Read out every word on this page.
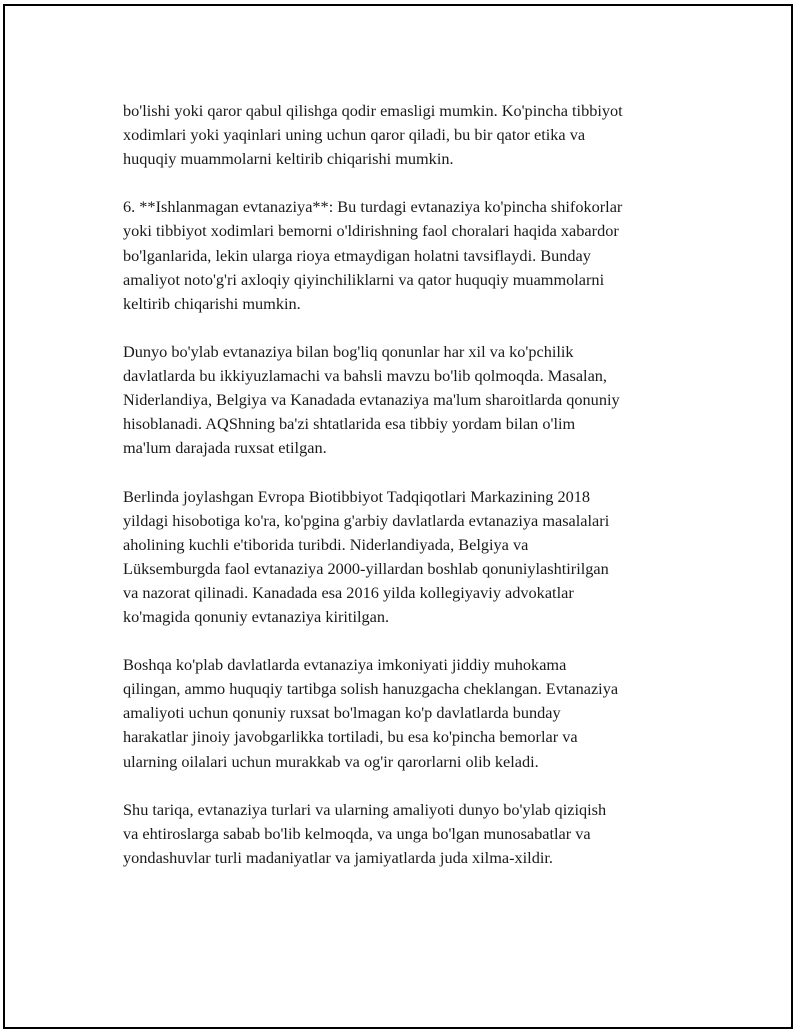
bo'lishi yoki qaror qabul qilishga qodir emasligi mumkin. Ko'pincha tibbiyot
xodimlari yoki yaqinlari uning uchun qaror qiladi, bu bir qator etika va
huquqiy muammolarni keltirib chiqarishi mumkin.

6. **Ishlanmagan evtanaziya**: Bu turdagi evtanaziya ko'pincha shifokorlar
yoki tibbiyot xodimlari bemorni o'ldirishning faol choralari haqida xabardor
bo'lganlarida, lekin ularga rioya etmaydigan holatni tavsiflaydi. Bunday
amaliyot noto'g'ri axloqiy qiyinchiliklarni va qator huquqiy muammolarni
keltirib chiqarishi mumkin.

Dunyo bo'ylab evtanaziya bilan bog'liq qonunlar har xil va ko'pchilik
davlatlarda bu ikkiyuzlamachi va bahsli mavzu bo'lib qolmoqda. Masalan,
Niderlandiya, Belgiya va Kanadada evtanaziya ma'lum sharoitlarda qonuniy
hisoblanadi. AQShning ba'zi shtatlarida esa tibbiy yordam bilan o'lim
ma'lum darajada ruxsat etilgan.

Berlinda joylashgan Evropa Biotibbiyot Tadqiqotlari Markazining 2018
yildagi hisobotiga ko'ra, ko'pgina g'arbiy davlatlarda evtanaziya masalalari
aholining kuchli e'tiborida turibdi. Niderlandiyada, Belgiya va
Lüksemburgda faol evtanaziya 2000-yillardan boshlab qonuniylashtirilgan
va nazorat qilinadi. Kanadada esa 2016 yilda kollegiyaviy advokatlar
ko'magida qonuniy evtanaziya kiritilgan.

Boshqa ko'plab davlatlarda evtanaziya imkoniyati jiddiy muhokama
qilingan, ammo huquqiy tartibga solish hanuzgacha cheklangan. Evtanaziya
amaliyoti uchun qonuniy ruxsat bo'lmagan ko'p davlatlarda bunday
harakatlar jinoiy javobgarlikka tortiladi, bu esa ko'pincha bemorlar va
ularning oilalari uchun murakkab va og'ir qarorlarni olib keladi.

Shu tariqa, evtanaziya turlari va ularning amaliyoti dunyo bo'ylab qiziqish
va ehtiroslarga sabab bo'lib kelmoqda, va unga bo'lgan munosabatlar va
yondashuvlar turli madaniyatlar va jamiyatlarda juda xilma-xildir.
